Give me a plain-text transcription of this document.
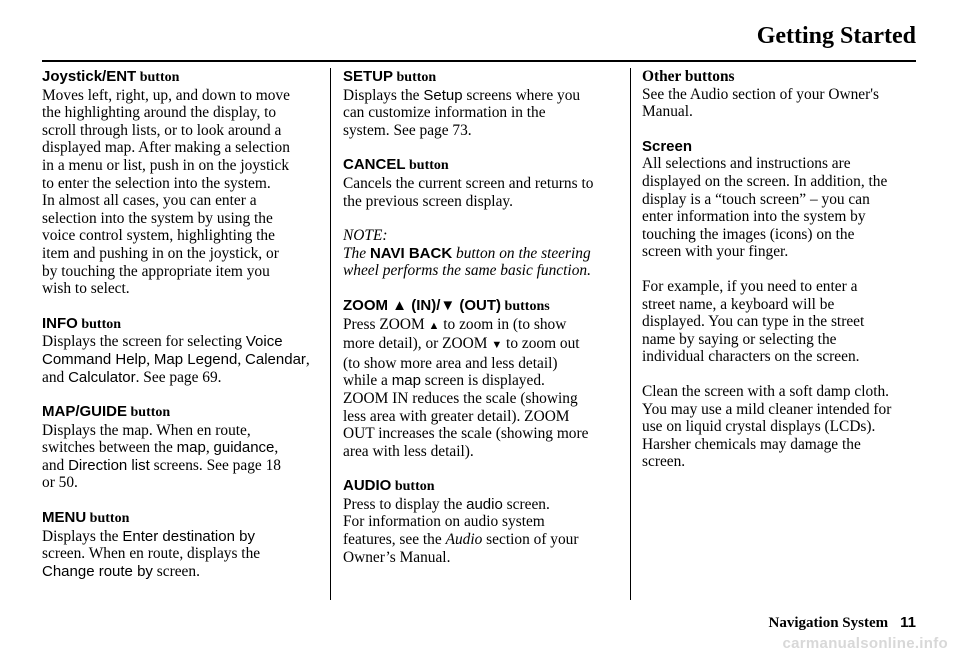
Getting Started

Joystick/ENT button

Moves left, right, up, and down to move
the highlighting around the display, to
scroll through lists, or to look around a
displayed map. After making a selection
in a menu or list, push in on the joystick
to enter the selection into the system.
In almost all cases, you can enter a
selection into the system by using the
voice control system, highlighting the
item and pushing in on the joystick, or
by touching the appropriate item you
wish to select.

INFO button

Displays the screen for selecting Voice Command Help, Map Legend, Calendar, and Calculator. See page 69.

MAP/GUIDE button

Displays the map. When en route,
switches between the map, guidance,
and Direction list screens. See page 18
or 50.

MENU button

Displays the Enter destination by
screen. When en route, displays the
Change route by screen.

SETUP button

Displays the Setup screens where you
can customize information in the
system. See page 73.

CANCEL button

Cancels the current screen and returns to
the previous screen display.

NOTE:

The NAVI BACK button on the steering
wheel performs the same basic function.

ZOOM ▲ (IN)/▼ (OUT) buttons

Press ZOOM ▲ to zoom in (to show
more detail), or ZOOM ▼ to zoom out
(to show more area and less detail)
while a map screen is displayed.
ZOOM IN reduces the scale (showing
less area with greater detail). ZOOM
OUT increases the scale (showing more
area with less detail).

AUDIO button

Press to display the audio screen.
For information on audio system
features, see the Audio section of your
Owner’s Manual.

Other buttons

See the Audio section of your Owner's
Manual.

Screen

All selections and instructions are
displayed on the screen. In addition, the
display is a “touch screen” – you can
enter information into the system by
touching the images (icons) on the
screen with your finger.

For example, if you need to enter a
street name, a keyboard will be
displayed. You can type in the street
name by saying or selecting the
individual characters on the screen.

Clean the screen with a soft damp cloth.
You may use a mild cleaner intended for
use on liquid crystal displays (LCDs).
Harsher chemicals may damage the
screen.

Navigation System 11
carmanualsonline.info
